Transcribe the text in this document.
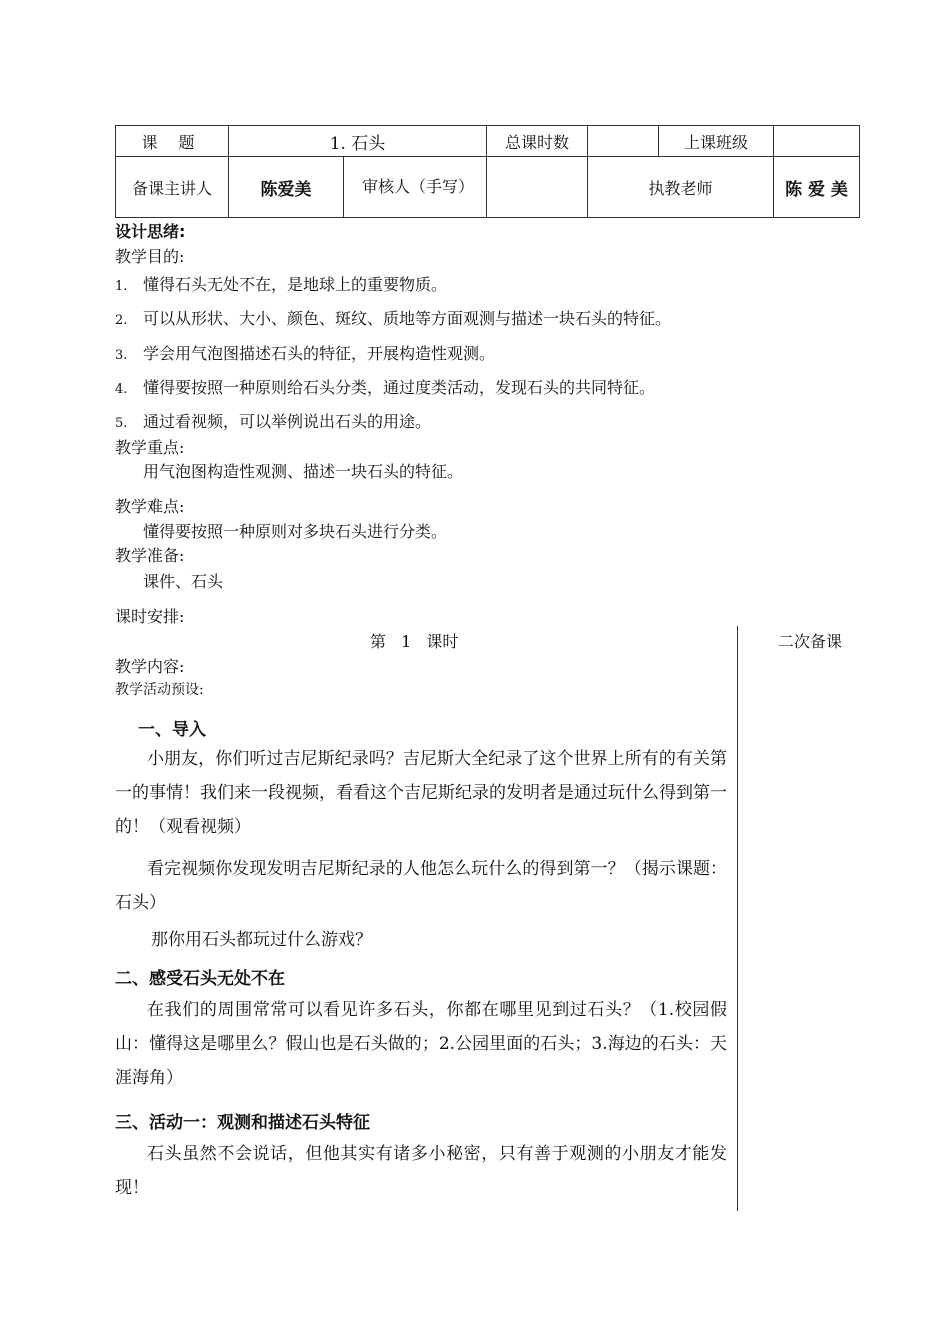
课 题	1. 石头		总课时数		上课班级	
备课主讲人	陈爱美	审核人（手写）		执教老师		陈 爱 美
设计思绪:
教学目的:
1. 懂得石头无处不在，是地球上的重要物质。
2. 可以从形状、大小、颜色、斑纹、质地等方面观测与描述一块石头的特征。
3. 学会用气泡图描述石头的特征，开展构造性观测。
4. 懂得要按照一种原则给石头分类，通过度类活动，发现石头的共同特征。
5. 通过看视频，可以举例说出石头的用途。
教学重点:
用气泡图构造性观测、描述一块石头的特征。
教学难点:
懂得要按照一种原则对多块石头进行分类。
教学准备:
课件、石头
课时安排:
第 1 课时	二次备课
教学内容:
教学活动预设:
一、导入
小朋友，你们听过吉尼斯纪录吗？吉尼斯大全纪录了这个世界上所有的有关第一的事情！我们来一段视频，看看这个吉尼斯纪录的发明者是通过玩什么得到第一的！（观看视频）
看完视频你发现发明吉尼斯纪录的人他怎么玩什么的得到第一？（揭示课题：石头）
那你用石头都玩过什么游戏？
二、感受石头无处不在
在我们的周围常常可以看见许多石头，你都在哪里见到过石头？（1.校园假山：懂得这是哪里么？假山也是石头做的；2.公园里面的石头；3.海边的石头：天涯海角）
三、活动一：观测和描述石头特征
石头虽然不会说话，但他其实有诸多小秘密，只有善于观测的小朋友才能发现！
